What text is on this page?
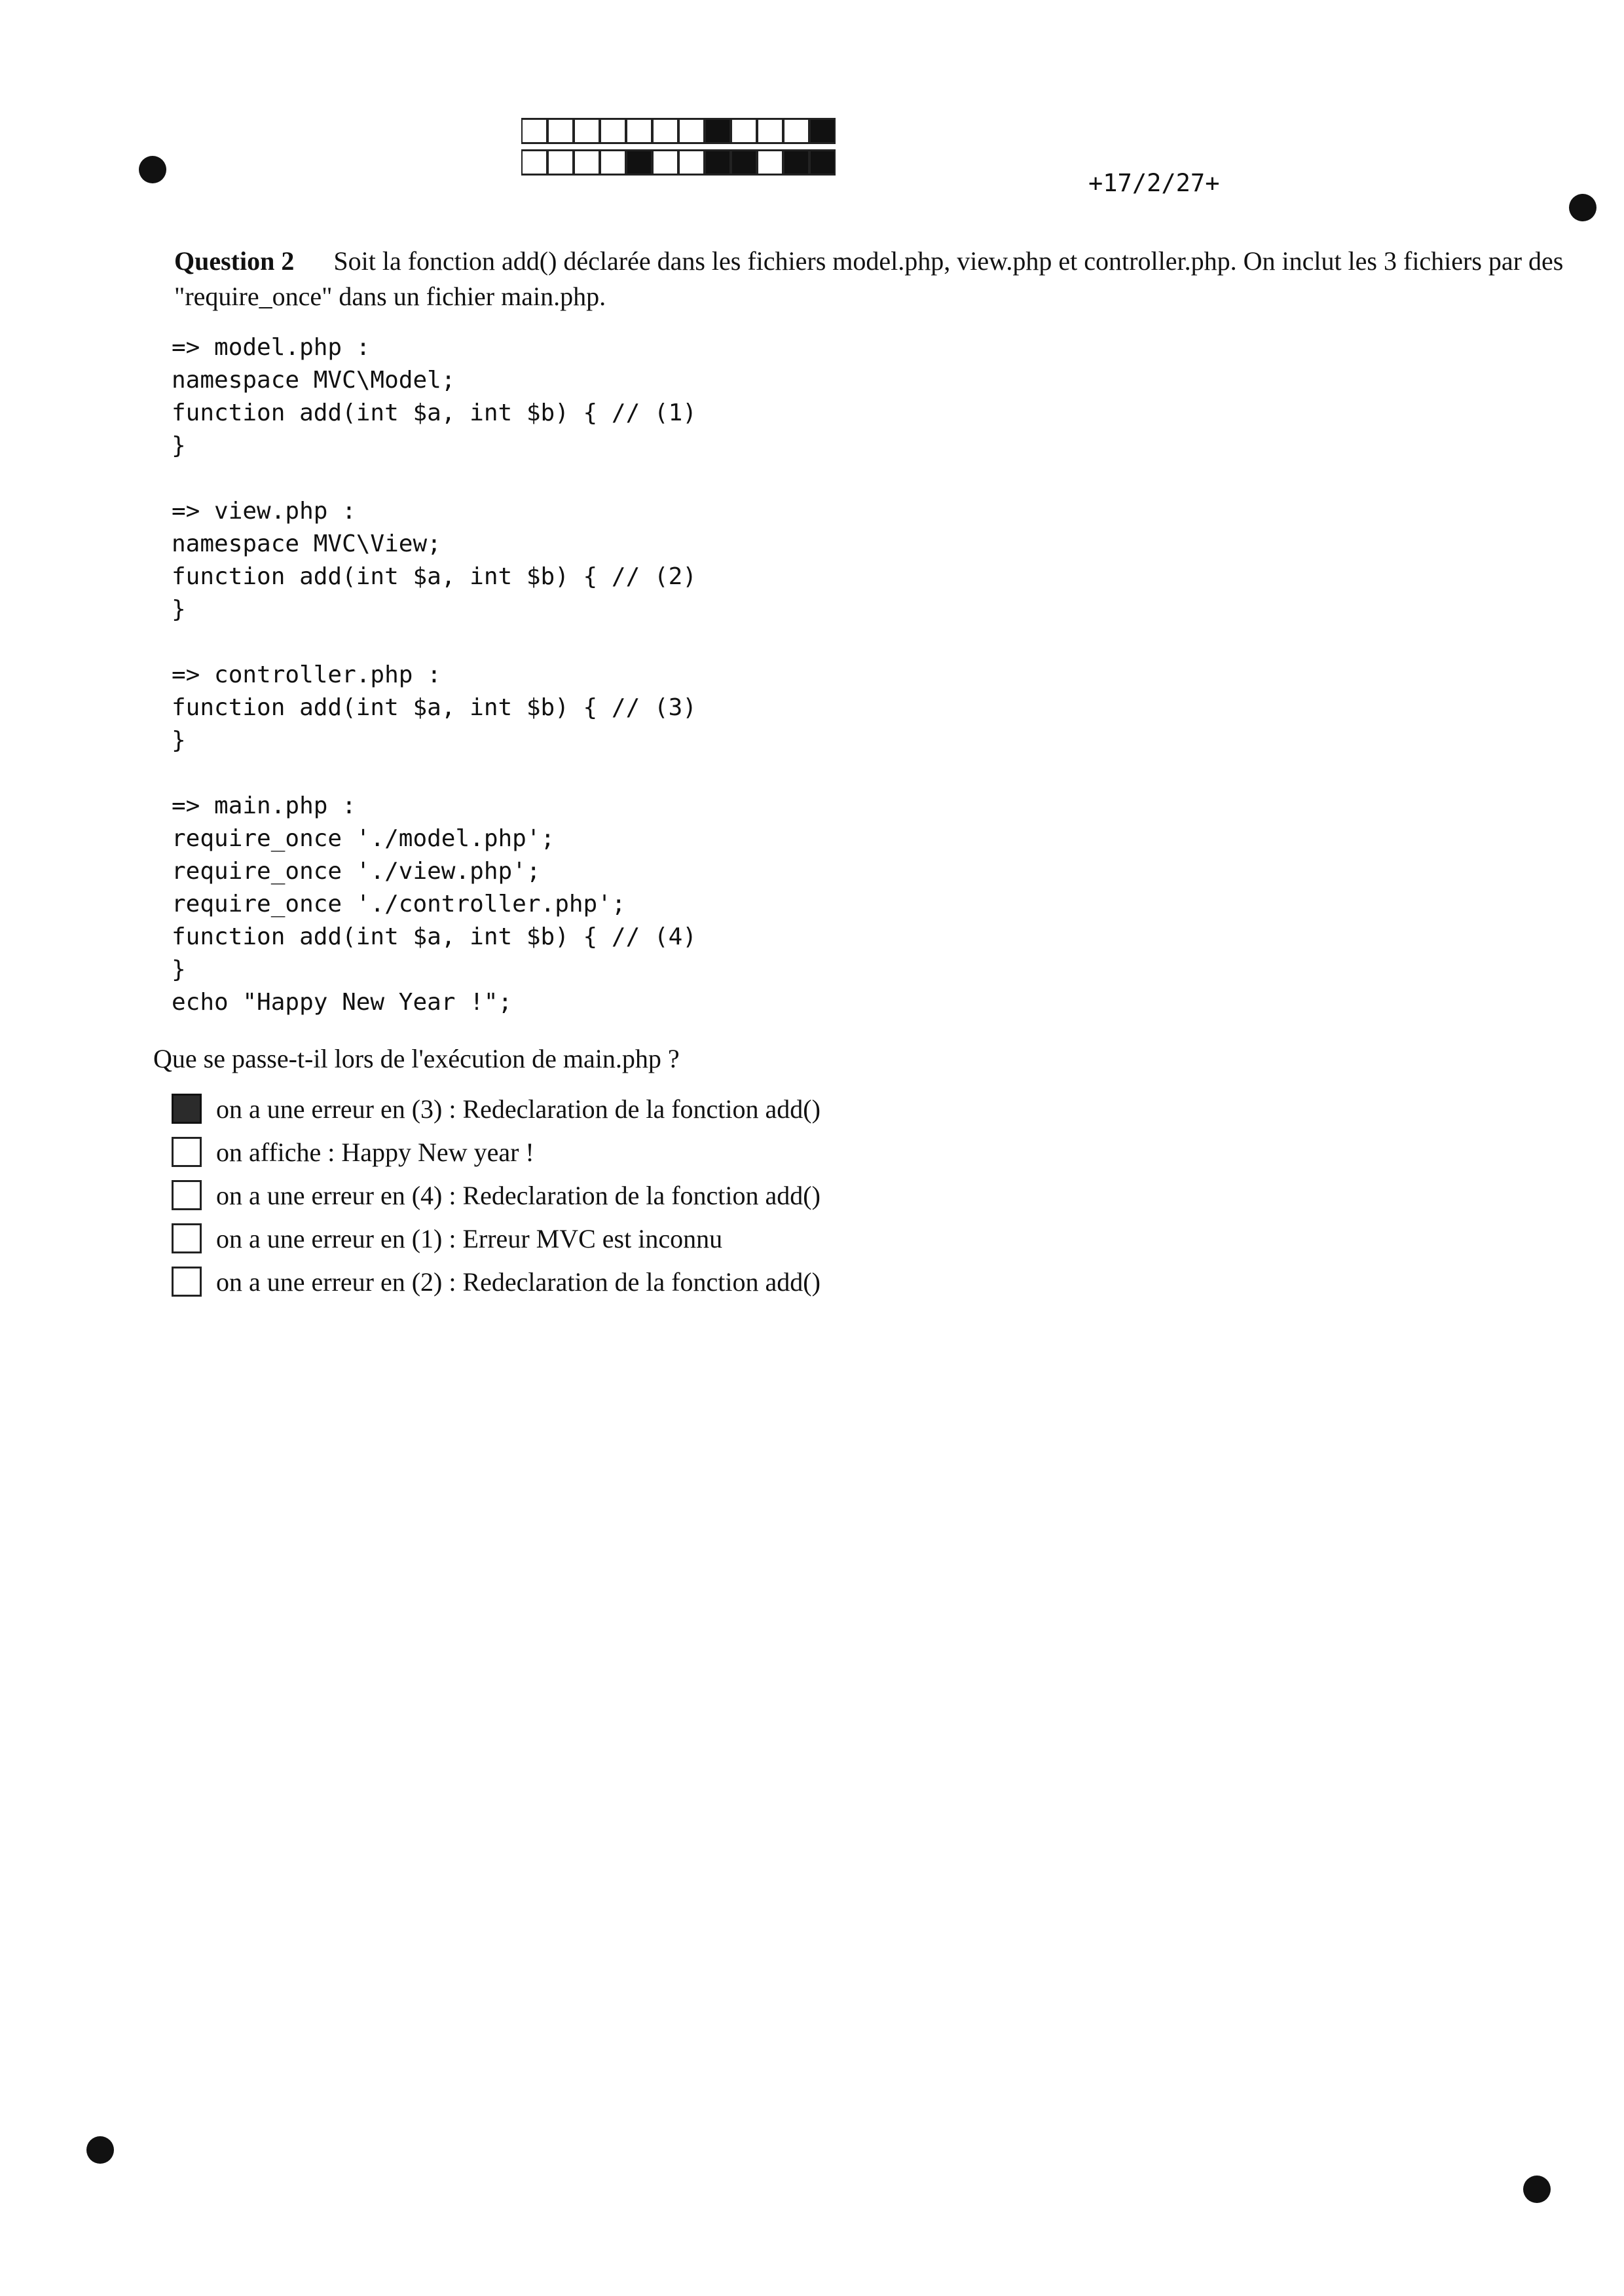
+17/2/27+
Question 2 Soit la fonction add() déclarée dans les fichiers model.php, view.php et controller.php. On inclut les 3 fichiers par des "require_once" dans un fichier main.php.
=> model.php :
namespace MVC\Model;
function add(int $a, int $b) { // (1)
}
=> view.php :
namespace MVC\View;
function add(int $a, int $b) { // (2)
}
=> controller.php :
function add(int $a, int $b) { // (3)
}
=> main.php :
require_once './model.php';
require_once './view.php';
require_once './controller.php';
function add(int $a, int $b) { // (4)
}
echo "Happy New Year !";
Que se passe-t-il lors de l'exécution de main.php ?
on a une erreur en (3) : Redeclaration de la fonction add()
on affiche : Happy New year !
on a une erreur en (4) : Redeclaration de la fonction add()
on a une erreur en (1) : Erreur MVC est inconnu
on a une erreur en (2) : Redeclaration de la fonction add()
